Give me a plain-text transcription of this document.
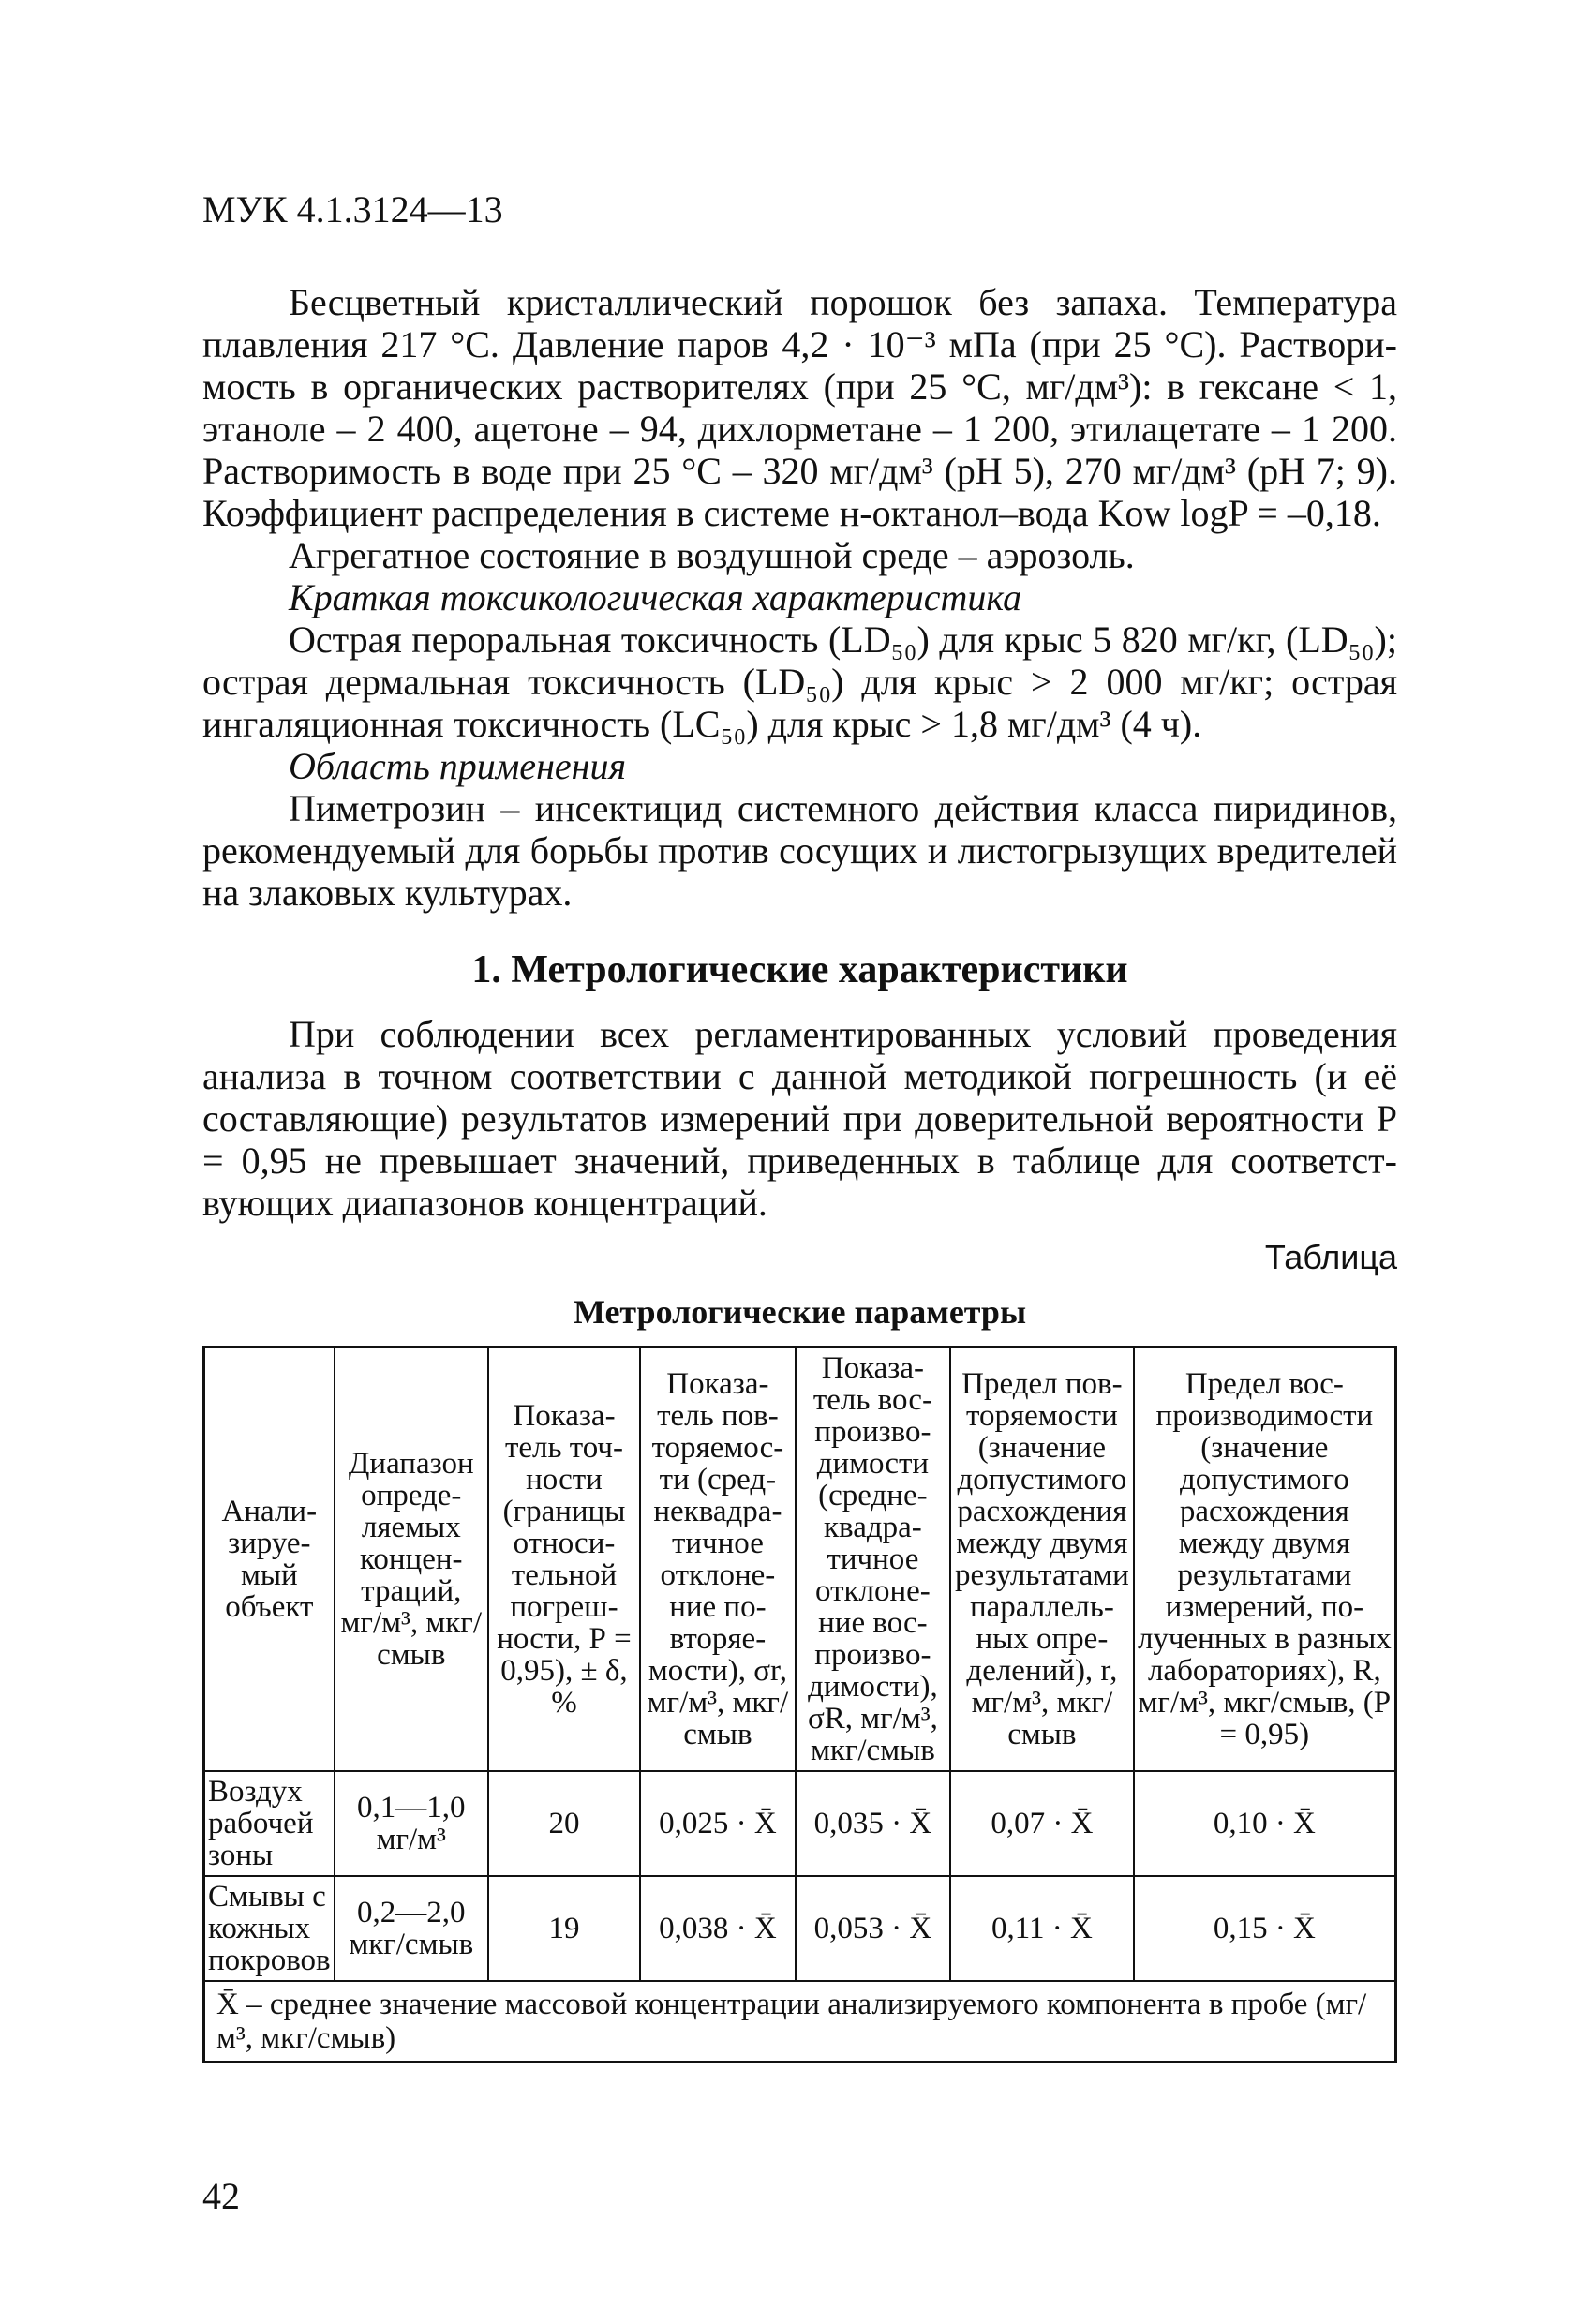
МУК 4.1.3124—13

Бесцветный кристаллический порошок без запаха. Температура плавления 217 °С. Давление паров 4,2 · 10⁻³ мПа (при 25 °С). Растворимость в органических растворителях (при 25 °С, мг/дм³): в гексане < 1, этаноле – 2 400, ацетоне – 94, дихлорметане – 1 200, этилацетате – 1 200. Растворимость в воде при 25 °С – 320 мг/дм³ (рН 5), 270 мг/дм³ (рН 7; 9). Коэффициент распределения в системе н-октанол–вода Kow logP = –0,18.

Агрегатное состояние в воздушной среде – аэрозоль.

Краткая токсикологическая характеристика

Острая пероральная токсичность (LD₅₀) для крыс 5 820 мг/кг, (LD₅₀); острая дермальная токсичность (LD₅₀) для крыс > 2 000 мг/кг; острая ингаляционная токсичность (LC₅₀) для крыс > 1,8 мг/дм³ (4 ч).

Область применения

Пиметрозин – инсектицид системного действия класса пиридинов, рекомендуемый для борьбы против сосущих и листогрызущих вредителей на злаковых культурах.

1. Метрологические характеристики

При соблюдении всех регламентированных условий проведения анализа в точном соответствии с данной методикой погрешность (и её составляющие) результатов измерений при доверительной вероятности Р = 0,95 не превышает значений, приведенных в таблице для соответствующих диапазонов концентраций.

Таблица
Метрологические параметры
Анализируемый объект	Диапазон определяемых концентраций, мг/м³, мкг/смыв	Показатель точности (границы относительной погрешности, Р = 0,95), ± δ, %	Показатель повторяемости (среднеквадратичное отклонение повторяемости), σr, мг/м³, мкг/смыв	Показатель воспроизводимости (среднеквадратичное отклонение воспроизводимости), σR, мг/м³, мкг/смыв	Предел повторяемости (значение допустимого расхождения между двумя результатами параллельных определений), r, мг/м³, мкг/смыв	Предел воспроизводимости (значение допустимого расхождения между двумя результатами измерений, полученных в разных лабораториях), R, мг/м³, мкг/смыв, (Р = 0,95)
Воздух рабочей зоны	0,1—1,0 мг/м³	20	0,025 · X̄	0,035 · X̄	0,07 · X̄	0,10 · X̄
Смывы с кожных покровов	0,2—2,0 мкг/смыв	19	0,038 · X̄	0,053 · X̄	0,11 · X̄	0,15 · X̄
X̄ – среднее значение массовой концентрации анализируемого компонента в пробе (мг/м³, мкг/смыв)						
42
